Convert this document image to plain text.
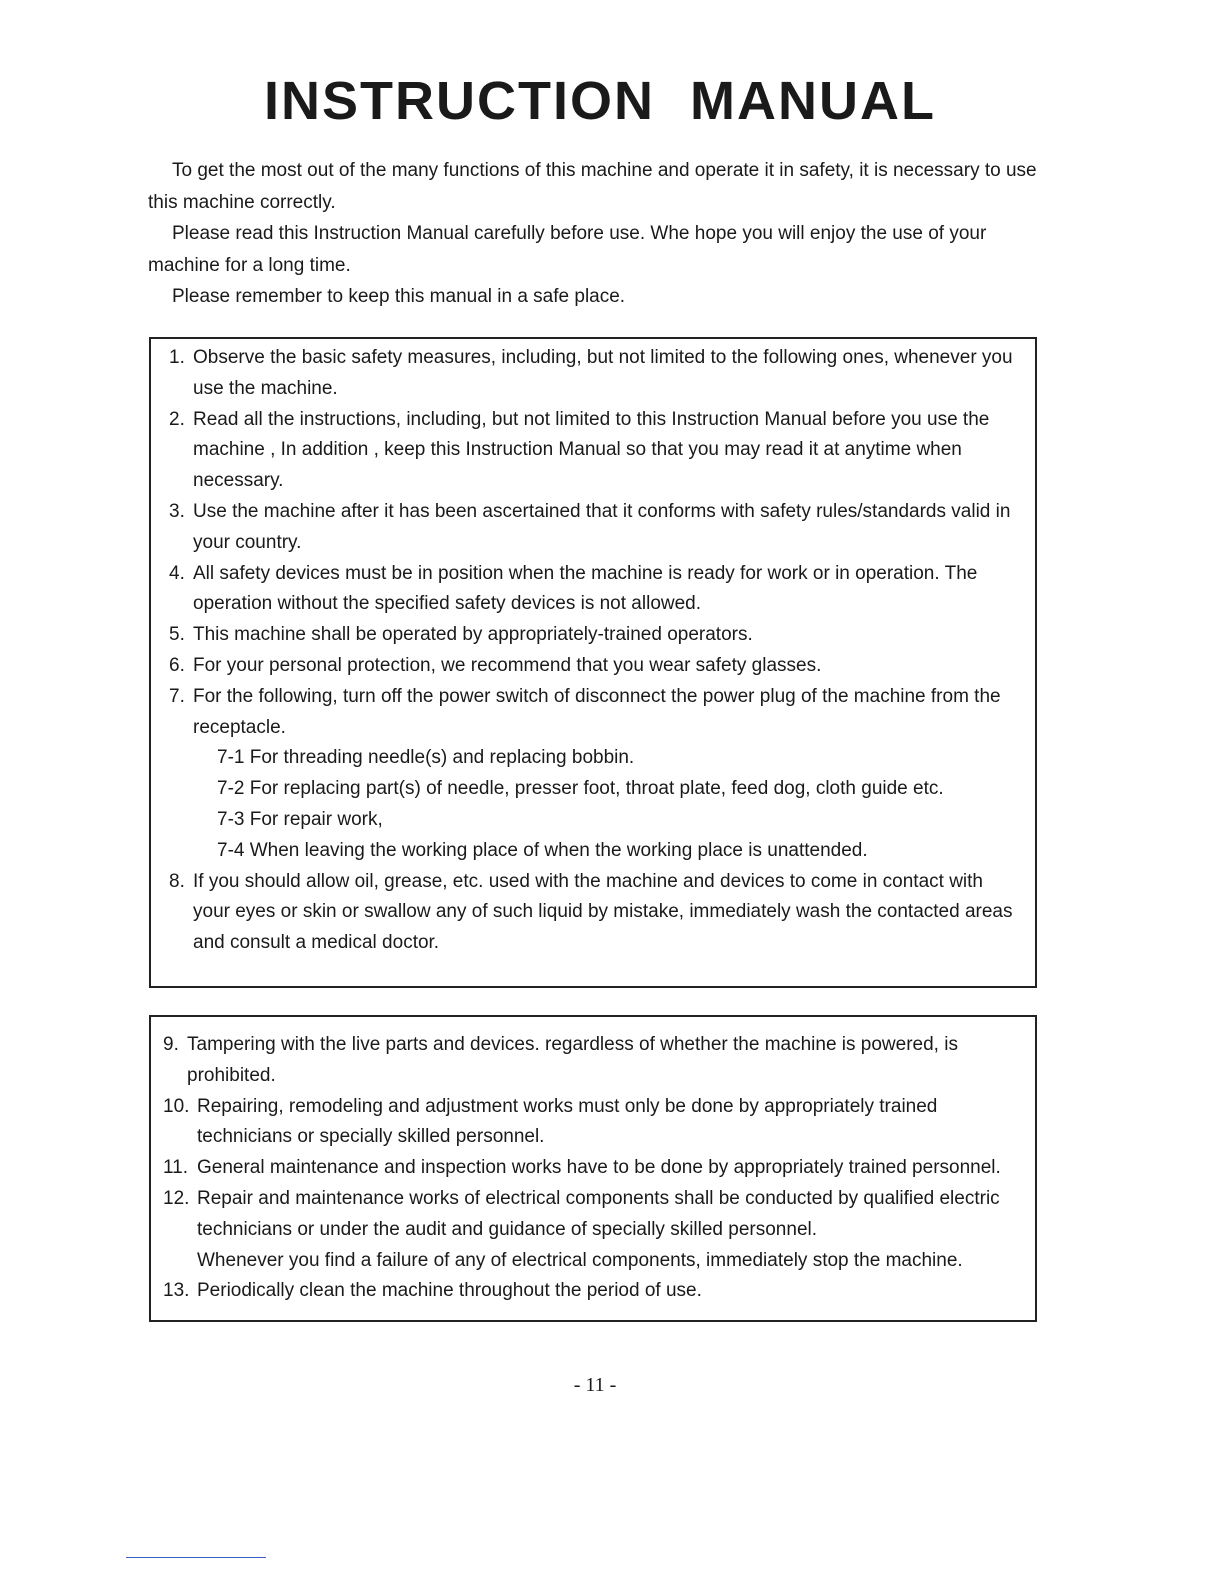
INSTRUCTION MANUAL

To get the most out of the many functions of this machine and operate it in safety, it is necessary to use this machine correctly.

Please read this Instruction Manual carefully before use. Whe hope you will enjoy the use of your machine for a long time.

Please remember to keep this manual in a safe place.

1. Observe the basic safety measures, including, but not limited to the following ones, whenever you use the machine.
2. Read all the instructions, including, but not limited to this Instruction Manual before you use the machine , In addition , keep this Instruction Manual so that you may read it at anytime when necessary.
3. Use the machine after it has been ascertained that it conforms with safety rules/standards valid in your country.
4. All safety devices must be in position when the machine is ready for work or in operation. The operation without the specified safety devices is not allowed.
5. This machine shall be operated by appropriately-trained operators.
6. For your personal protection, we recommend that you wear safety glasses.
7. For the following, turn off the power switch of disconnect the power plug of the machine from the receptacle.
7-1 For threading needle(s) and replacing bobbin.
7-2 For replacing part(s) of needle, presser foot, throat plate, feed dog, cloth guide etc.
7-3 For repair work,
7-4 When leaving the working place of when the working place is unattended.
8. If you should allow oil, grease, etc. used with the machine and devices to come in contact with your eyes or skin or swallow any of such liquid by mistake, immediately wash the contacted areas and consult a medical doctor.
9. Tampering with the live parts and devices. regardless of whether the machine is powered, is prohibited.
10. Repairing, remodeling and adjustment works must only be done by appropriately trained technicians or specially skilled personnel.
11. General maintenance and inspection works have to be done by appropriately trained personnel.
12. Repair and maintenance works of electrical components shall be conducted by qualified electric technicians or under the audit and guidance of specially skilled personnel.
Whenever you find a failure of any of electrical components, immediately stop the machine.
13. Periodically clean the machine throughout the period of use.
- 11 -
